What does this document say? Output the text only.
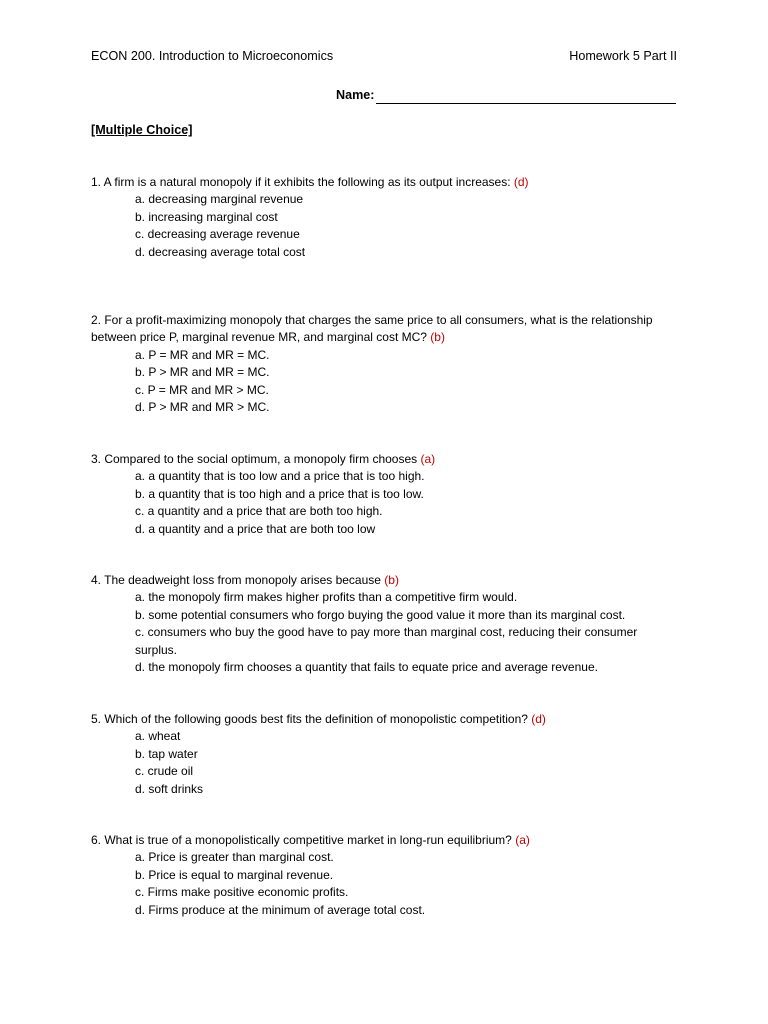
ECON 200. Introduction to Microeconomics	Homework 5 Part II
Name:
[Multiple Choice]

1. A firm is a natural monopoly if it exhibits the following as its output increases: (d)

a. decreasing marginal revenue
b. increasing marginal cost
c. decreasing average revenue
d. decreasing average total cost

2. For a profit-maximizing monopoly that charges the same price to all consumers, what is the relationship between price P, marginal revenue MR, and marginal cost MC? (b)

a. P = MR and MR = MC.
b. P > MR and MR = MC.
c. P = MR and MR > MC.
d. P > MR and MR > MC.

3. Compared to the social optimum, a monopoly firm chooses (a)

a. a quantity that is too low and a price that is too high.
b. a quantity that is too high and a price that is too low.
c. a quantity and a price that are both too high.
d. a quantity and a price that are both too low

4. The deadweight loss from monopoly arises because (b)

a. the monopoly firm makes higher profits than a competitive firm would.
b. some potential consumers who forgo buying the good value it more than its marginal cost.
c. consumers who buy the good have to pay more than marginal cost, reducing their consumer surplus.
d. the monopoly firm chooses a quantity that fails to equate price and average revenue.

5. Which of the following goods best fits the definition of monopolistic competition? (d)

a. wheat
b. tap water
c. crude oil
d. soft drinks

6. What is true of a monopolistically competitive market in long-run equilibrium? (a)

a. Price is greater than marginal cost.
b. Price is equal to marginal revenue.
c. Firms make positive economic profits.
d. Firms produce at the minimum of average total cost.
